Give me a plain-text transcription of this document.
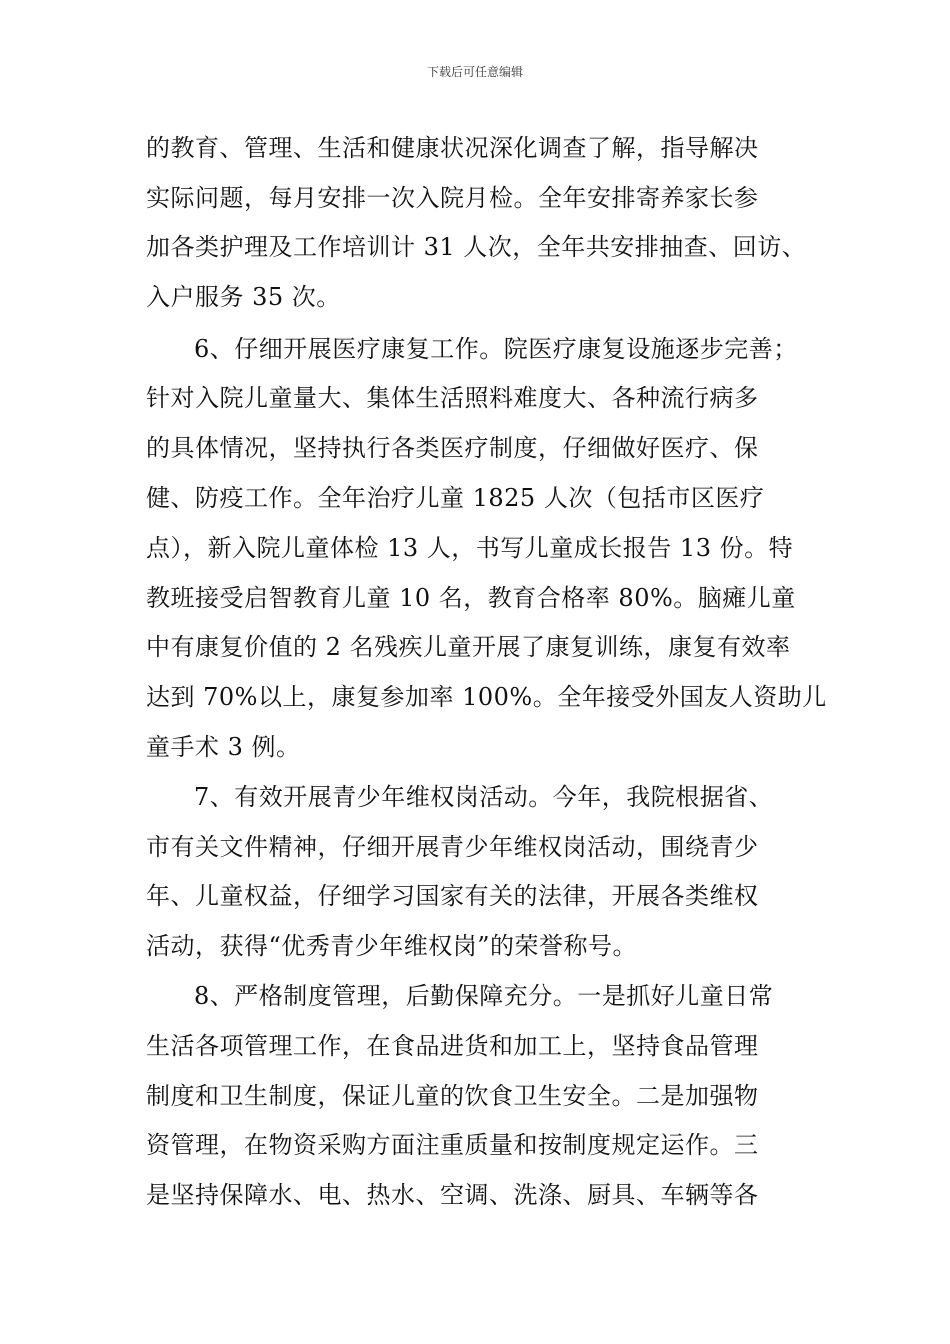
下载后可任意编辑
的教育、管理、生活和健康状况深化调查了解，指导解决
实际问题，每月安排一次入院月检。全年安排寄养家长参
加各类护理及工作培训计 31 人次，全年共安排抽查、回访、
入户服务 35 次。
6、仔细开展医疗康复工作。院医疗康复设施逐步完善；
针对入院儿童量大、集体生活照料难度大、各种流行病多
的具体情况，坚持执行各类医疗制度，仔细做好医疗、保
健、防疫工作。全年治疗儿童 1825 人次（包括市区医疗
点），新入院儿童体检 13 人，书写儿童成长报告 13 份。特
教班接受启智教育儿童 10 名，教育合格率 80%。脑瘫儿童
中有康复价值的 2 名残疾儿童开展了康复训练，康复有效率
达到 70%以上，康复参加率 100%。全年接受外国友人资助儿
童手术 3 例。
7、有效开展青少年维权岗活动。今年，我院根据省、
市有关文件精神，仔细开展青少年维权岗活动，围绕青少
年、儿童权益，仔细学习国家有关的法律，开展各类维权
活动，获得“优秀青少年维权岗”的荣誉称号。
8、严格制度管理，后勤保障充分。一是抓好儿童日常
生活各项管理工作，在食品进货和加工上，坚持食品管理
制度和卫生制度，保证儿童的饮食卫生安全。二是加强物
资管理，在物资采购方面注重质量和按制度规定运作。三
是坚持保障水、电、热水、空调、洗涤、厨具、车辆等各
